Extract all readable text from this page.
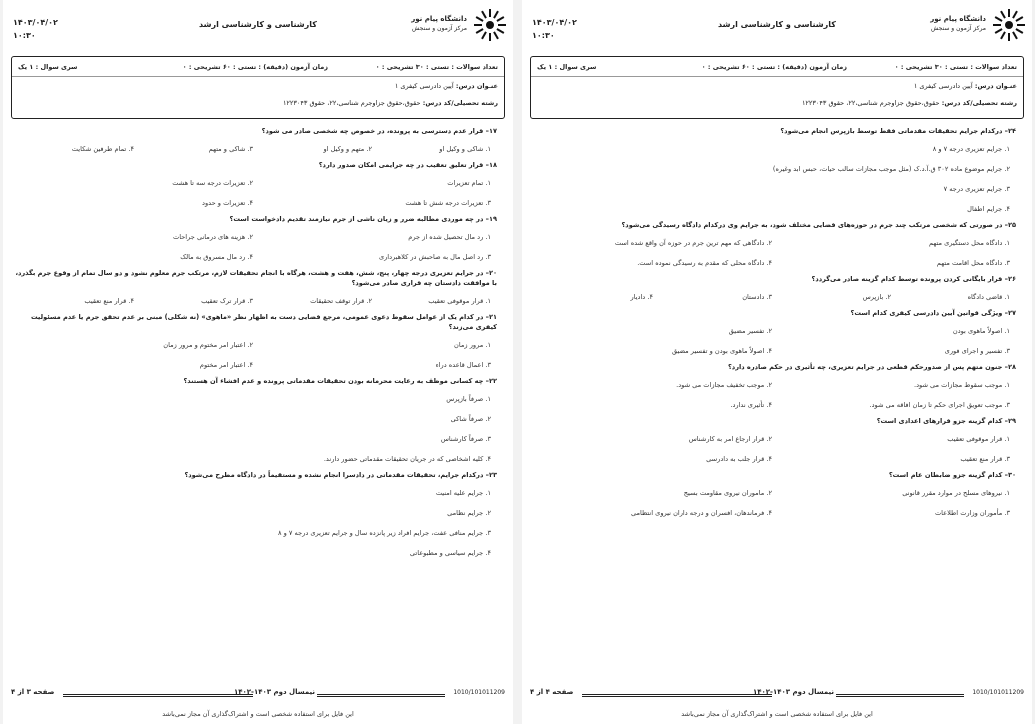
دانشگاه پیام نور
مرکز آزمون و سنجش
کارشناسی و کارشناسی ارشد
۱۴۰۳/۰۴/۰۲
۱۰:۳۰
تعداد سوالات : تستی : ۳۰ تشریحی : ۰
زمان آزمون (دقیقه) : تستی : ۶۰ تشریحی : ۰
سری سوال : ۱ یک
عنـوان درس: آیین دادرسی کیفری ۱
رشته تحصیلی/کد درس: حقوق،حقوق جزاوجرم شناسی،۲۲، حقوق ۱۲۲۳۰۴۳
۱۷– قرار عدم دسترسی به پرونده، در خصوص چه شخصی صادر می شود؟
۱. شاکی و وکیل او
۲. متهم و وکیل او
۳. شاکی و متهم
۴. تمام طرفین شکایت
۱۸– قرار تعلیق تعقیب در چه جرایمی امکان صدور دارد؟
۱. تمام تعزیرات
۲. تعزیرات درجه سه تا هشت
۳. تعزیرات درجه شش تا هشت
۴. تعزیرات و حدود
۱۹– در چه موردی مطالبه ضرر و زیان ناشی از جرم نیازمند تقدیم دادخواست است؟
۱. رد مال تحصیل شده از جرم
۲. هزینه های درمانی جراحات
۳. رد اصل مال به صاحبش در کلاهبرداری
۴. رد مال مسروق به مالک
۲۰– در جرایم تعزیری درجه چهار، پنج، شش، هفت و هشت، هرگاه با انجام تحقیقات لازم، مرتکب جرم معلوم نشود و دو سال تمام از وقوع جرم بگذرد، با موافقت دادستان چه قراری صادر می‌شود؟
۱. قرار موقوفی تعقیب
۲. قرار توقف تحقیقات
۳. قرار ترک تعقیب
۴. قرار منع تعقیب
۲۱– در کدام یک از عوامل سقوط دعوی عمومی، مرجع قضایی دست به اظهار نظر «ماهوی» (نه شکلی) مبنی بر عدم تحقق جرم یا عدم مسئولیت کیفری می‌زند؟
۱. مرور زمان
۲. اعتبار امر مختوم و مرور زمان
۳. اعمال قاعده دراء
۴. اعتبار امر مختوم
۲۲– چه کسانی موظف به رعایت محرمانه بودن تحقیقات مقدماتی پرونده و عدم افشاء آن هستند؟
۱. صرفاً بازپرس
۲. صرفاً شاکی
۳. صرفاً کارشناس
۴. کلیه اشخاصی که در جریان تحقیقات مقدماتی حضور دارند.
۲۳– درکدام جرایم، تحقیقات مقدماتی در دادسرا انجام نشده و مستقیماً در دادگاه مطرح می‌شود؟
۱. جرایم علیه امنیت
۲. جرایم نظامی
۳. جرایم منافی عفت، جرایم افراد زیر پانزده سال و جرایم تعزیری درجه ۷ و ۸
۴. جرایم سیاسی و مطبوعاتی
1010/101011209
نیمسال دوم ۱۴۰۳-۱۴۰۲
صفحه ۳ از ۴
این فایل برای استفاده شخصی است و اشتراک‌گذاری آن مجاز نمی‌باشد
دانشگاه پیام نور
مرکز آزمون و سنجش
کارشناسی و کارشناسی ارشد
۱۴۰۳/۰۴/۰۲
۱۰:۳۰
تعداد سوالات : تستی : ۳۰ تشریحی : ۰
زمان آزمون (دقیقه) : تستی : ۶۰ تشریحی : ۰
سری سوال : ۱ یک
عنـوان درس: آیین دادرسی کیفری ۱
رشته تحصیلی/کد درس: حقوق،حقوق جزاوجرم شناسی،۲۲، حقوق ۱۲۲۳۰۴۳
۲۴– درکدام جرایم تحقیقات مقدماتی فقط توسط بازپرس انجام می‌شود؟
۱. جرایم تعزیری درجه ۷ و ۸
۲. جرایم موضوع ماده ۳۰۲ ق.آ.د.ک (مثل موجب مجازات سالب حیات، حبس ابد وغیره)
۳. جرایم تعزیری درجه ۷
۴. جرایم اطفال
۲۵– در صورتی که شخصی مرتکب چند جرم در حوزه‌های قضایی مختلف شود، به جرایم وی درکدام دادگاه رسیدگی می‌شود؟
۱. دادگاه محل دستگیری متهم
۲. دادگاهی که مهم ترین جرم در حوزه آن واقع شده است
۳. دادگاه محل اقامت متهم
۴. دادگاه محلی که مقدم به رسیدگی نموده است.
۲۶– قرار بایگانی کردن پرونده توسط کدام گزینه صادر می‌گردد؟
۱. قاضی دادگاه
۲. بازپرس
۳. دادستان
۴. دادیار
۲۷– ویژگی قوانین آیین دادرسی کیفری کدام است؟
۱. اصولاً ماهوی بودن
۲. تفسیر مضیق
۳. تفسیر و اجرای فوری
۴. اصولاً ماهوی بودن و تفسیر مضیق
۲۸– جنون متهم پس از صدورحکم قطعی در جرایم تعزیری، چه تأثیری در حکم صادره دارد؟
۱. موجب سقوط مجازات می شود.
۲. موجب تخفیف مجازات می شود.
۳. موجب تعویق اجرای حکم تا زمان افاقه می شود.
۴. تأثیری ندارد.
۲۹– کدام گزینه جزو قرارهای اعدادی است؟
۱. قرار موقوفی تعقیب
۲. قرار ارجاع امر به کارشناس
۳. قرار منع تعقیب
۴. قرار جلب به دادرسی
۳۰– کدام گزینه جزو ضابطان عام است؟
۱. نیروهای مسلح در موارد مقرر قانونی
۲. ماموران نیروی مقاومت بسیج
۳. مأموران وزارت اطلاعات
۴. فرماندهان، افسران و درجه داران نیروی انتظامی
1010/101011209
نیمسال دوم ۱۴۰۳-۱۴۰۲
صفحه ۴ از ۴
این فایل برای استفاده شخصی است و اشتراک‌گذاری آن مجاز نمی‌باشد
